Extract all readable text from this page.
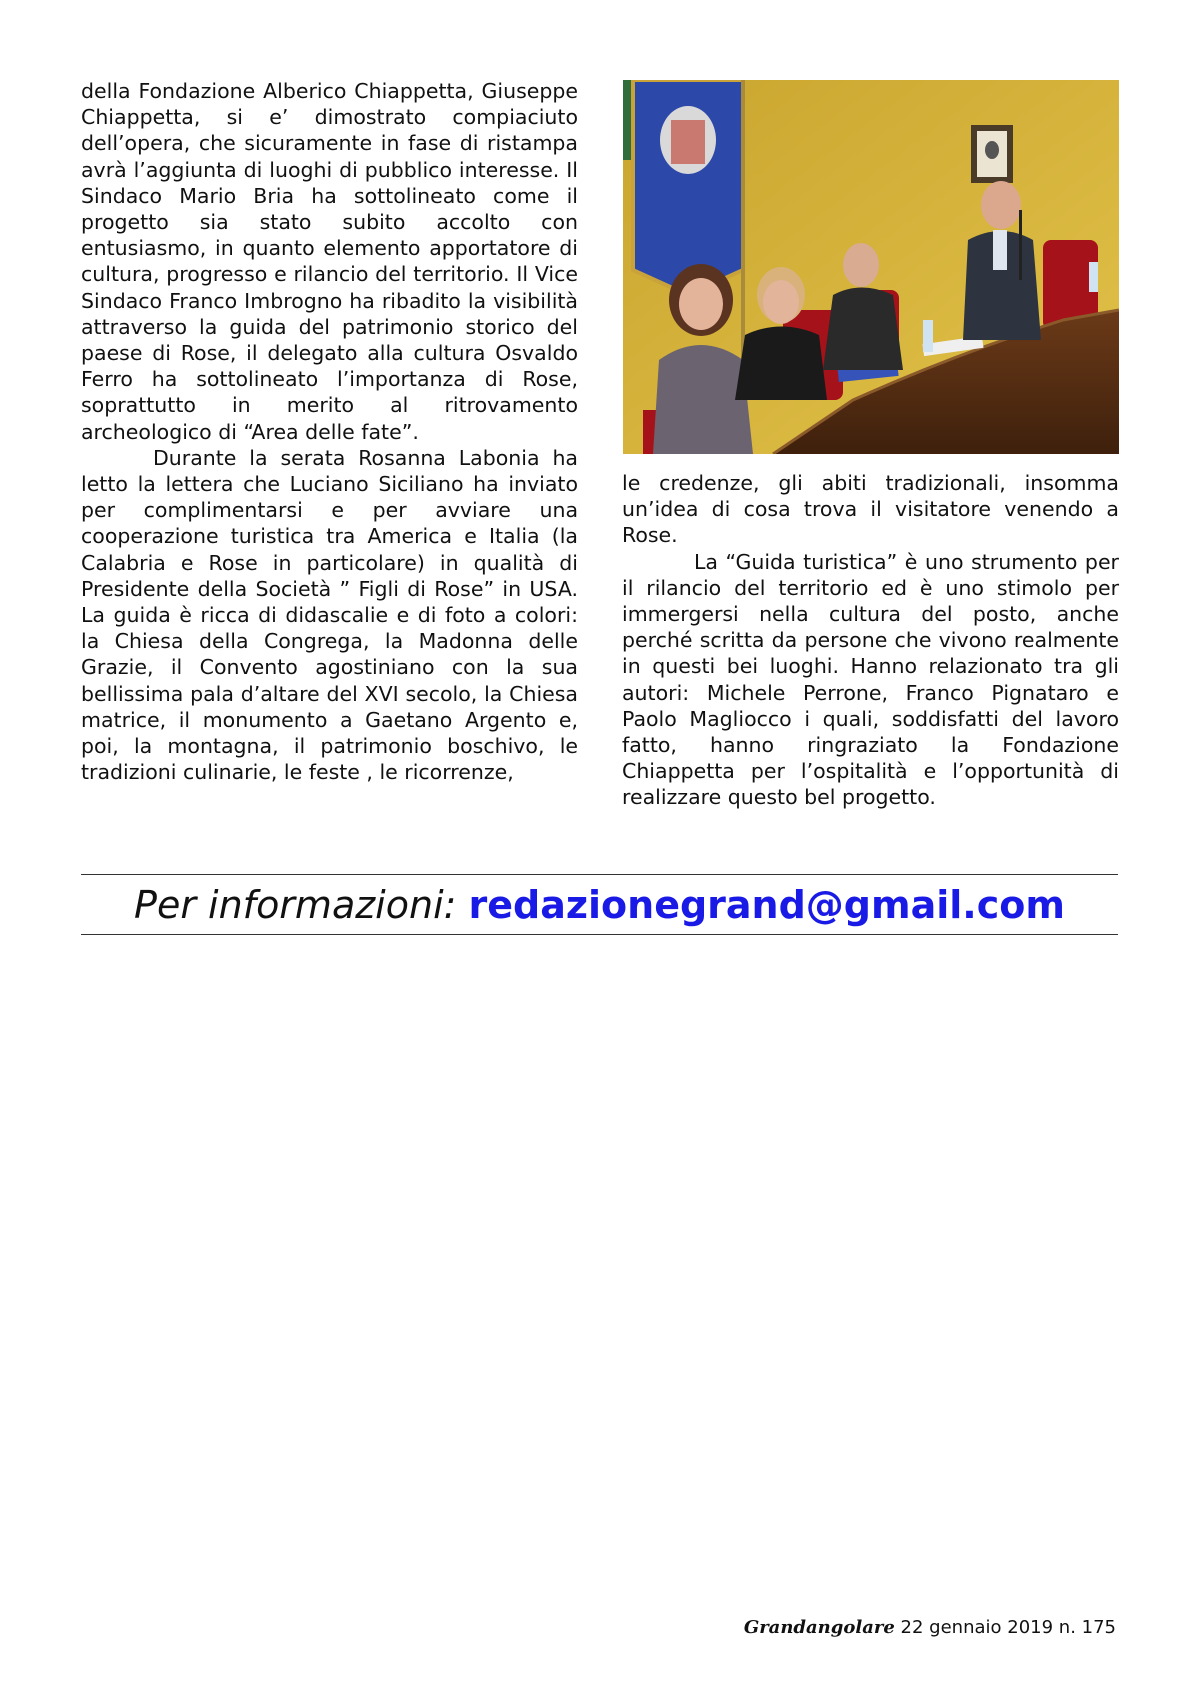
della Fondazione Alberico Chiappetta, Giuseppe Chiappetta, si e’ dimostrato compiaciuto dell’opera, che sicuramente in fase di ristampa avrà l’aggiunta di luoghi di pubblico interesse. Il Sindaco Mario Bria ha sottolineato come il progetto sia stato subito accolto con entusiasmo, in quanto elemento apportatore di cultura, progresso e rilancio del territorio. Il Vice Sindaco Franco Imbrogno ha ribadito la visibilità attraverso la guida del patrimonio storico del paese di Rose, il delegato alla cultura Osvaldo Ferro ha sottolineato l’importanza di Rose, soprattutto in merito al ritrovamento archeologico di “Area delle fate”.

Durante la serata Rosanna Labonia ha letto la lettera che Luciano Siciliano ha inviato per complimentarsi e per avviare una cooperazione turistica tra America e Italia (la Calabria e Rose in particolare) in qualità di Presidente della Società ” Figli di Rose” in USA. La guida è ricca di didascalie e di foto a colori: la Chiesa della Congrega, la Madonna delle Grazie, il Convento agostiniano con la sua bellissima pala d’altare del XVI secolo, la Chiesa matrice, il monumento a Gaetano Argento e, poi, la montagna, il patrimonio boschivo, le tradizioni culinarie, le feste , le ricorrenze,

le credenze, gli abiti tradizionali, insomma un’idea di cosa trova il visitatore venendo a Rose.

La “Guida turistica” è uno strumento per il rilancio del territorio ed è uno stimolo per immergersi nella cultura del posto, anche perché scritta da persone che vivono realmente in questi bei luoghi. Hanno relazionato tra gli autori: Michele Perrone, Franco Pignataro e Paolo Magliocco i quali, soddisfatti del lavoro fatto, hanno ringraziato la Fondazione Chiappetta per l’ospitalità e l’opportunità di realizzare questo bel progetto.

Per informazioni: redazionegrand@gmail.com
Grandangolare 22 gennaio 2019 n. 175
